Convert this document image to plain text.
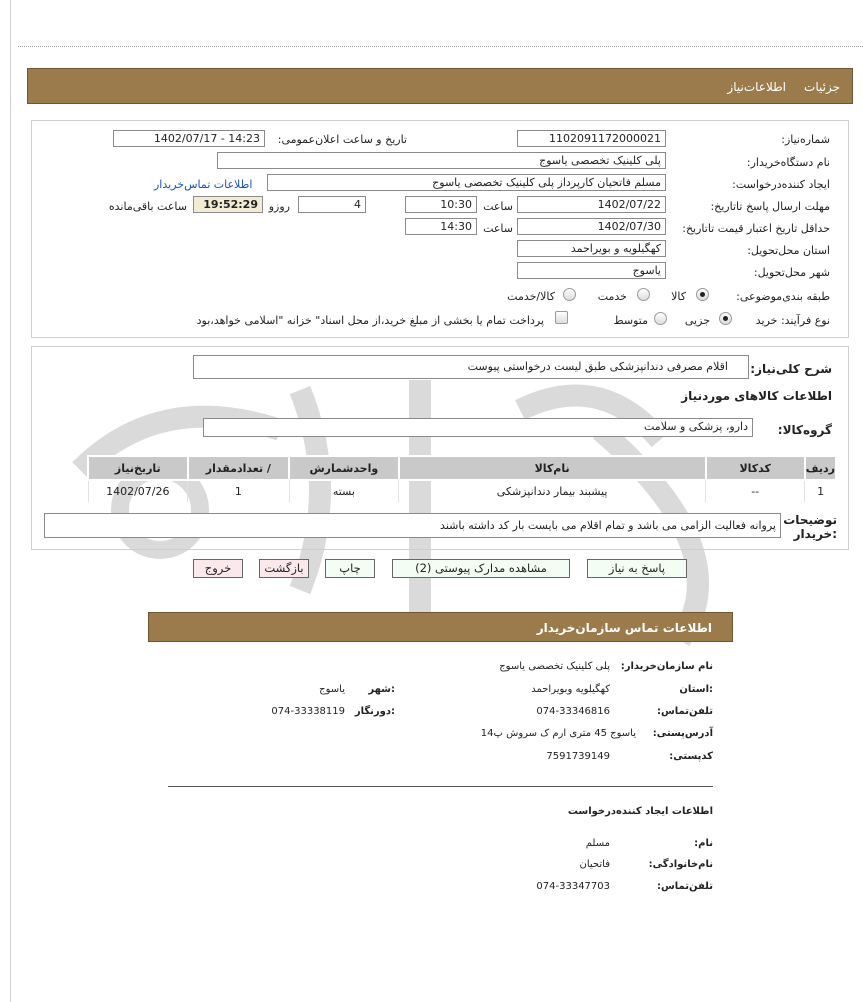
جزئیات
اطلاعات‌نیاز
شماره‌نیاز:
1102091172000021
تاریخ و ساعت اعلان‌عمومی:
1402/07/17 - 14:23
نام دستگاه‌خریدار:
پلی کلینیک تخصصی یاسوج
ایجاد کننده‌درخواست:
مسلم فاتحیان کارپرداز پلی کلینیک تخصصی یاسوج
اطلاعات تماس‌خریدار
مهلت ارسال ‌پاسخ تا‌تاریخ:
1402/07/22
ساعت
10:30
4
روزو
19:52:29
ساعت باقی‌مانده
حداقل تاریخ اعتبار ‌قیمت تا‌تاریخ:
1402/07/30
ساعت
14:30
استان محل‌تحویل:
کهگیلویه و بویراحمد
شهر محل‌تحویل:
یاسوج
طبقه بندی‌موضوعی:
کالا
خدمت
کالا/خدمت
نوع فرآیند: خرید
جزیی
متوسط
پرداخت تمام یا بخشی از مبلغ خرید،از محل اسناد" خزانه "اسلامی خواهد،بود
شرح کلی‌نیاز:
اقلام مصرفی دندانپزشکی طبق لیست درخواستی پیوست
اطلاعات کالاهای موردنیاز
گروه‌کالا:
دارو، پزشکی و سلامت
ردیف	کدکالا	نام‌کالا	واحدشمارش	/ تعدادمقدار	تاریخ‌نیاز
1	--	پیشبند بیمار دندانپزشکی	بسته	1	1402/07/26
توضیحات
:خریدار
پروانه فعالیت الزامی می باشد و تمام اقلام می بایست بار کد داشته باشند
پاسخ به نیاز
مشاهده مدارک پیوستی (2)
چاپ
بازگشت
خروج
اطلاعات تماس سازمان‌خریدار
نام سازمان‌خریدار:
پلی کلینیک تخصصی یاسوج
:استان
کهگیلویه وبویراحمد
:شهر
یاسوج
تلفن‌تماس:
074-33346816
:دورنگار
074-33338119
آدرس‌پستی:
یاسوج 45 متری ارم ک سروش پ14
کدپستی:
7591739149
اطلاعات ایجاد کننده‌درخواست
نام:
مسلم
نام‌خانوادگی:
فاتحیان
تلفن‌تماس:
074-33347703
